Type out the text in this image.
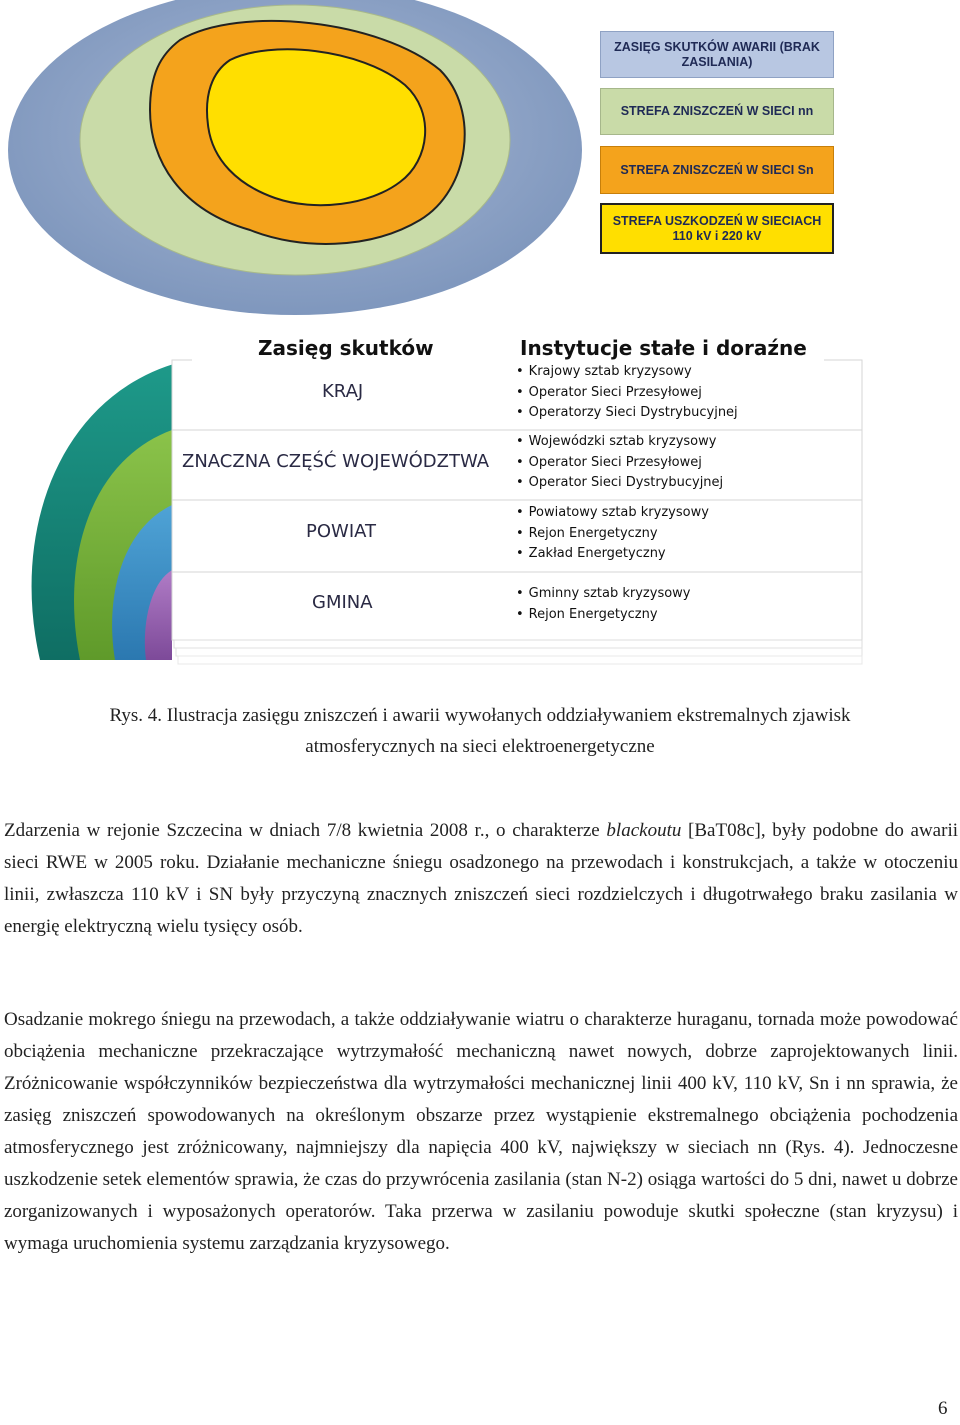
ZASIĘG SKUTKÓW AWARII (BRAK ZASILANIA)
STREFA ZNISZCZEŃ W SIECI nn
STREFA ZNISZCZEŃ W SIECI Sn
STREFA USZKODZEŃ W SIECIACH 110 kV i 220 kV
Zasięg skutków	Instytucje stałe i doraźne
KRAJ
ZNACZNA CZĘŚĆ WOJEWÓDZTWA
POWIAT
GMINA
• Krajowy sztab kryzysowy
• Operator Sieci Przesyłowej
• Operatorzy Sieci Dystrybucyjnej
• Wojewódzki sztab kryzysowy
• Operator Sieci Przesyłowej
• Operator Sieci Dystrybucyjnej
• Powiatowy sztab kryzysowy
• Rejon Energetyczny
• Zakład Energetyczny
• Gminny sztab kryzysowy
• Rejon Energetyczny
Rys. 4. Ilustracja zasięgu zniszczeń i awarii wywołanych oddziaływaniem ekstremalnych zjawisk
atmosferycznych na sieci elektroenergetyczne

Zdarzenia w rejonie Szczecina w dniach 7/8 kwietnia 2008 r., o charakterze blackoutu [BaT08c], były podobne do awarii sieci RWE w 2005 roku. Działanie mechaniczne śniegu osadzonego na przewodach i konstrukcjach, a także w otoczeniu linii, zwłaszcza 110 kV i SN były przyczyną znacznych zniszczeń sieci rozdzielczych i długotrwałego braku zasilania w energię elektryczną wielu tysięcy osób.

Osadzanie mokrego śniegu na przewodach, a także oddziaływanie wiatru o charakterze huraganu, tornada może powodować obciążenia mechaniczne przekraczające wytrzymałość mechaniczną nawet nowych, dobrze zaprojektowanych linii. Zróżnicowanie współczynników bezpieczeństwa dla wytrzymałości mechanicznej linii 400 kV, 110 kV, Sn i nn sprawia, że zasięg zniszczeń spowodowanych na określonym obszarze przez wystąpienie ekstremalnego obciążenia pochodzenia atmosferycznego jest zróżnicowany, najmniejszy dla napięcia 400 kV, największy w sieciach nn (Rys. 4). Jednoczesne uszkodzenie setek elementów sprawia, że czas do przywrócenia zasilania (stan N-2) osiąga wartości do 5 dni, nawet u dobrze zorganizowanych i wyposażonych operatorów. Taka przerwa w zasilaniu powoduje skutki społeczne (stan kryzysu) i wymaga uruchomienia systemu zarządzania kryzysowego.

6
